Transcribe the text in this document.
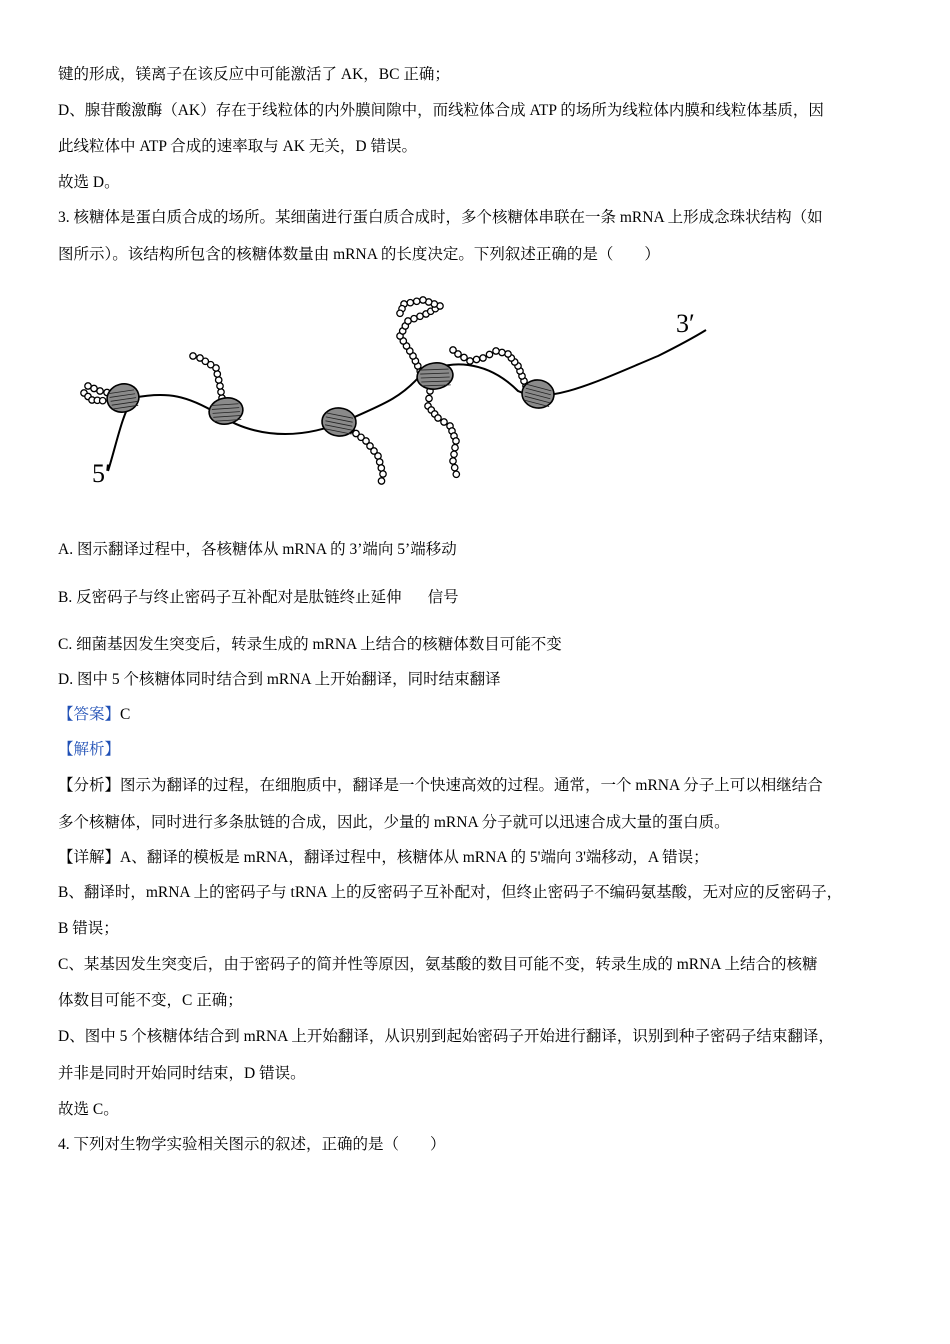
键的形成，镁离子在该反应中可能激活了 AK，BC 正确；
D、腺苷酸激酶（AK）存在于线粒体的内外膜间隙中，而线粒体合成 ATP 的场所为线粒体内膜和线粒体基质，因
此线粒体中 ATP 合成的速率取与 AK 无关，D 错误。
故选 D。
3. 核糖体是蛋白质合成的场所。某细菌进行蛋白质合成时，多个核糖体串联在一条 mRNA 上形成念珠状结构（如
图所示）。该结构所包含的核糖体数量由 mRNA 的长度决定。下列叙述正确的是（　　）
3′
5′
A. 图示翻译过程中，各核糖体从 mRNA 的 3’端向 5’端移动
B. 反密码子与终止密码子互补配对是肽链终止延伸 信号
C. 细菌基因发生突变后，转录生成的 mRNA 上结合的核糖体数目可能不变
D. 图中 5 个核糖体同时结合到 mRNA 上开始翻译，同时结束翻译
【答案】C
【解析】
【分析】图示为翻译的过程，在细胞质中，翻译是一个快速高效的过程。通常，一个 mRNA 分子上可以相继结合
多个核糖体，同时进行多条肽链的合成，因此，少量的 mRNA 分子就可以迅速合成大量的蛋白质。
【详解】A、翻译的模板是 mRNA，翻译过程中，核糖体从 mRNA 的 5'端向 3'端移动，A 错误；
B、翻译时，mRNA 上的密码子与 tRNA 上的反密码子互补配对，但终止密码子不编码氨基酸，无对应的反密码子，
B 错误；
C、某基因发生突变后，由于密码子的简并性等原因，氨基酸的数目可能不变，转录生成的 mRNA 上结合的核糖
体数目可能不变，C 正确；
D、图中 5 个核糖体结合到 mRNA 上开始翻译，从识别到起始密码子开始进行翻译，识别到种子密码子结束翻译，
并非是同时开始同时结束，D 错误。
故选 C。
4. 下列对生物学实验相关图示的叙述，正确的是（　　）
